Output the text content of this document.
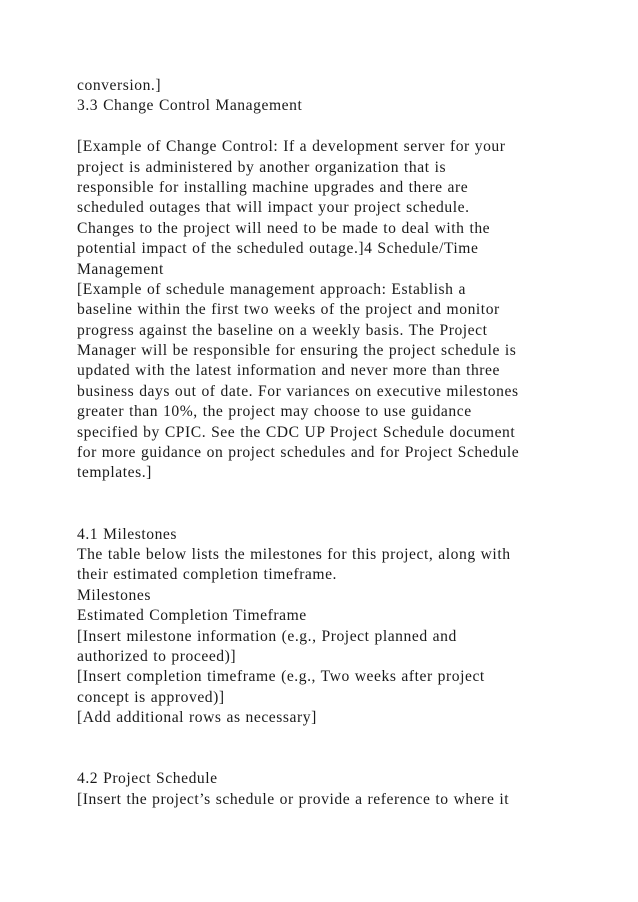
conversion.]
3.3 Change Control Management
[Example of Change Control: If a development server for your
project is administered by another organization that is
responsible for installing machine upgrades and there are
scheduled outages that will impact your project schedule.
Changes to the project will need to be made to deal with the
potential impact of the scheduled outage.]4 Schedule/Time
Management
[Example of schedule management approach: Establish a
baseline within the first two weeks of the project and monitor
progress against the baseline on a weekly basis. The Project
Manager will be responsible for ensuring the project schedule is
updated with the latest information and never more than three
business days out of date. For variances on executive milestones
greater than 10%, the project may choose to use guidance
specified by CPIC. See the CDC UP Project Schedule document
for more guidance on project schedules and for Project Schedule
templates.]
4.1 Milestones
The table below lists the milestones for this project, along with
their estimated completion timeframe.
Milestones
Estimated Completion Timeframe
[Insert milestone information (e.g., Project planned and
authorized to proceed)]
[Insert completion timeframe (e.g., Two weeks after project
concept is approved)]
[Add additional rows as necessary]
4.2 Project Schedule
[Insert the project’s schedule or provide a reference to where it
